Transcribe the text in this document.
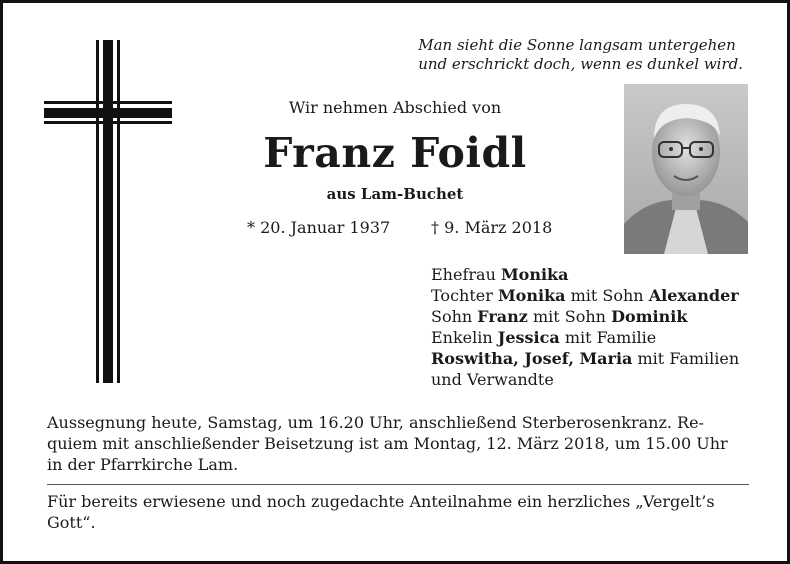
Man sieht die Sonne langsam untergehen
und erschrickt doch, wenn es dunkel wird.
Wir nehmen Abschied von
Franz Foidl
aus Lam-Buchet
* 20. Januar 1937	† 9. März 2018
Ehefrau Monika
Tochter Monika mit Sohn Alexander
Sohn Franz mit Sohn Dominik
Enkelin Jessica mit Familie
Roswitha, Josef, Maria mit Familien
und Verwandte
Aussegnung heute, Samstag, um 16.20 Uhr, anschließend Sterberosenkranz. Re-
quiem mit anschließender Beisetzung ist am Montag, 12. März 2018, um 15.00 Uhr
in der Pfarrkirche Lam.
Für bereits erwiesene und noch zugedachte Anteilnahme ein herzliches „Vergelt’s
Gott“.
